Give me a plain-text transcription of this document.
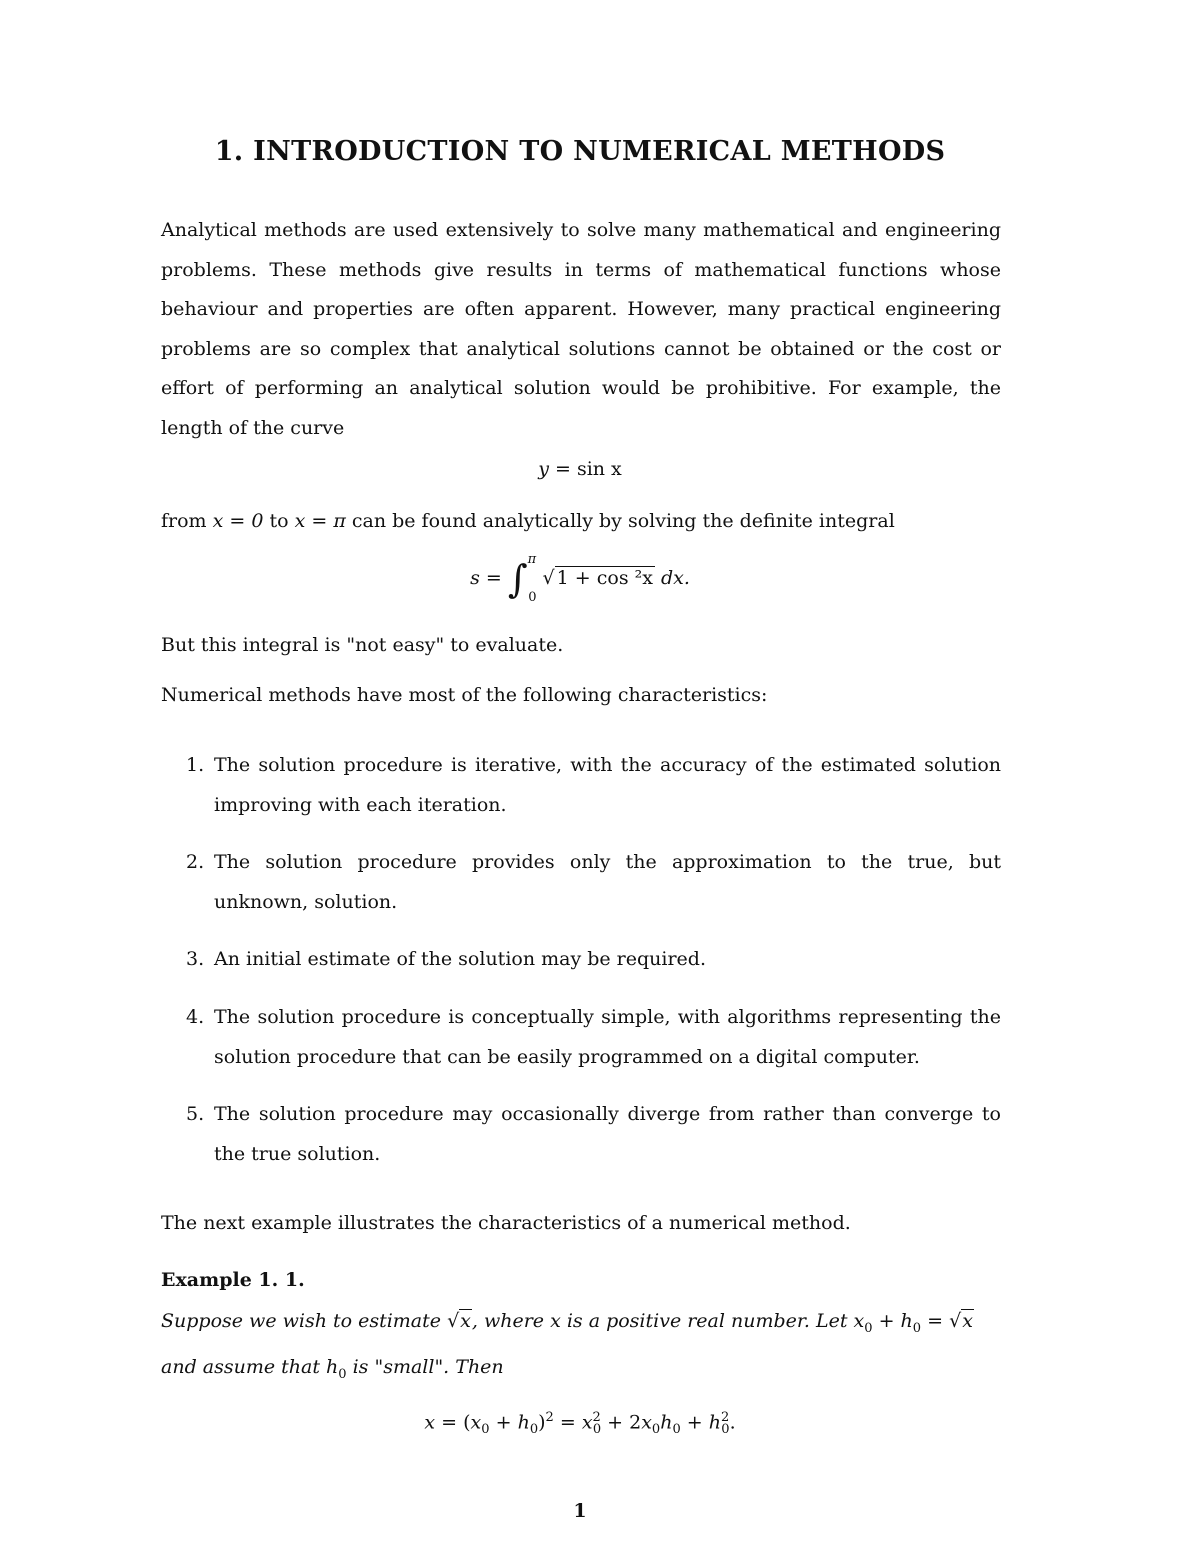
1. INTRODUCTION TO NUMERICAL METHODS
Analytical methods are used extensively to solve many mathematical and engineering problems. These methods give results in terms of mathematical functions whose behaviour and properties are often apparent. However, many practical engineering problems are so complex that analytical solutions cannot be obtained or the cost or effort of performing an analytical solution would be prohibitive. For example, the length of the curve
y = sin x
from x = 0 to x = π can be found analytically by solving the definite integral
s = ∫$^\pi_0$ √ 1 + cos ²x dx.
But this integral is "not easy" to evaluate.
Numerical methods have most of the following characteristics:
1. The solution procedure is iterative, with the accuracy of the estimated solution improving with each iteration.
2. The solution procedure provides only the approximation to the true, but unknown, solution.
3. An initial estimate of the solution may be required.
4. The solution procedure is conceptually simple, with algorithms representing the solution procedure that can be easily programmed on a digital computer.
5. The solution procedure may occasionally diverge from rather than converge to the true solution.
The next example illustrates the characteristics of a numerical method.
Example 1. 1.
Suppose we wish to estimate √x, where x is a positive real number. Let $x_0 + h_0 = √x$
and assume that $h_0$ is "small". Then
$x = (x_0 + h_0)^2 = x^2_0 + 2x_0h_0 + h^2_0$.
1
